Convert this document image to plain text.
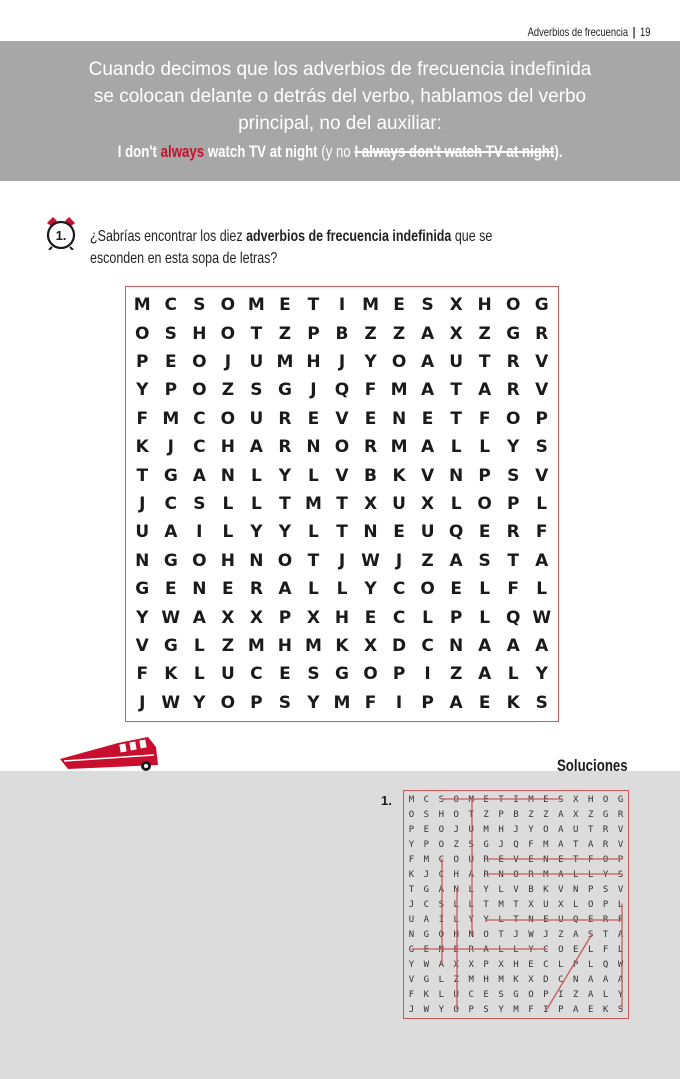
Adverbios de frecuencia | 19
Cuando decimos que los adverbios de frecuencia indefinida
se colocan delante o detrás del verbo, hablamos del verbo
principal, no del auxiliar:
I don't always watch TV at night (y no I always don't watch TV at night).
1. ¿Sabrías encontrar los diez adverbios de frecuencia indefinida que se
esconden en esta sopa de letras?
M C S O M E T	I M E S X H O G
O S H O T Z P B Z Z A X Z G R
P E O	J	U M H	J	Y O A U T R V
Y P O Z S G	J	Q F M A T A R V
F M C O U R E V E N E T F O P
K	J	C H A R N O R M A L	L Y S
T G A N L Y L V B K V N P S V
J	C S L	L	T M T X U X L O P L
U A	I	L Y Y L	T N E U Q E R F
N G O H N O T	J W J	Z A S T A
G E N E R A L	L Y C O E	L	F	L
Y W A X X P X H E C L P L Q W
V G L Z M H M K X D C N A A A
F K L U C E S G O P	I	Z A L Y
J W Y O P S Y M F	I	P A E K S
Soluciones
1.	M	C	S	O	M	E	T	I	M	E	S	X	H	O	G
O	S	H	O	T	Z	P	B	Z	Z	A	X	Z	G	R
P	E	O	J	U	M	H	J	Y	O	A	U	T	R	V
Y	P	O	Z	S	G	J	Q	F	M	A	T	A	R	V
F	M	C	O	U	R	E	V	E	N	E	T	F	O	P
K	J	C	H	A	R	N	O	R	M	A	L	L	Y	S
T	G	A	N	L	Y	L	V	B	K	V	N	P	S	V
J	C	S	L	L	T	M	T	X	U	X	L	O	P	L
U	A	I	L	Y	Y	L	T	N	E	U	Q	E	R	F
N	G	O	H	N	O	T	J	W	J	Z	A	S	T	A
G	E	N	E	R	A	L	L	Y	C	O	E	L	F	L
Y	W	A	X	X	P	X	H	E	C	L	P	L	Q	W
V	G	L	Z	M	H	M	K	X	D	C	N	A	A	A
F	K	L	U	C	E	S	G	O	P	I	Z	A	L	Y
J	W	Y	O	P	S	Y	M	F	I	P	A	E	K	S
